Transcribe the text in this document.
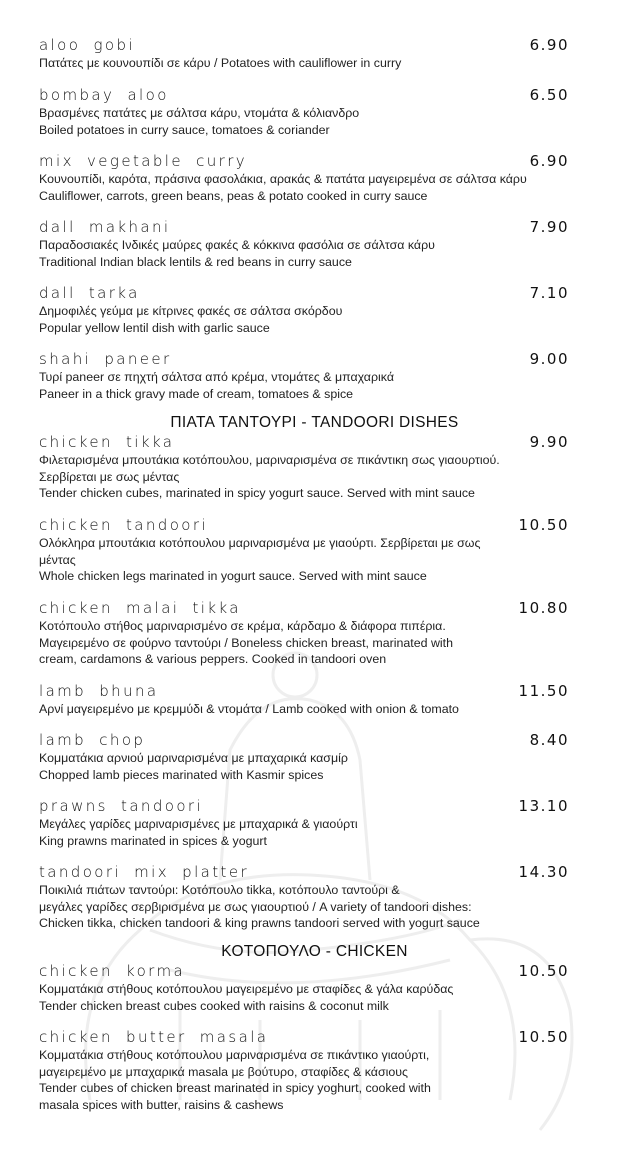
aloo gobi	6.90
Πατάτες με κουνουπίδι σε κάρυ / Potatoes with cauliflower in curry
bombay aloo	6.50
Βρασμένες πατάτες με σάλτσα κάρυ, ντομάτα & κόλιανδρο
Boiled potatoes in curry sauce, tomatoes & coriander
mix vegetable curry	6.90
Κουνουπίδι, καρότα, πράσινα φασολάκια, αρακάς & πατάτα μαγειρεμένα σε σάλτσα κάρυ
Cauliflower, carrots, green beans, peas & potato cooked in curry sauce
dall makhani	7.90
Παραδοσιακές Ινδικές μαύρες φακές & κόκκινα φασόλια σε σάλτσα κάρυ
Traditional Indian black lentils & red beans in curry sauce
dall tarka	7.10
Δημοφιλές γεύμα με κίτρινες φακές σε σάλτσα σκόρδου
Popular yellow lentil dish with garlic sauce
shahi paneer	9.00
Τυρί paneer σε πηχτή σάλτσα από κρέμα, ντομάτες & μπαχαρικά
Paneer in a thick gravy made of cream, tomatoes & spice
ΠΙΑΤΑ ΤΑΝΤΟΥΡΙ - TANDOORI DISHES
chicken tikka	9.90
Φιλεταρισμένα μπουτάκια κοτόπουλου, μαριναρισμένα σε πικάντικη σως γιαουρτιού.
Σερβίρεται με σως μέντας
Tender chicken cubes, marinated in spicy yogurt sauce. Served with mint sauce
chicken tandoori	10.50
Ολόκληρα μπουτάκια κοτόπουλου μαριναρισμένα με γιαούρτι. Σερβίρεται με σως
μέντας
Whole chicken legs marinated in yogurt sauce. Served with mint sauce
chicken malai tikka	10.80
Κοτόπουλο στήθος μαριναρισμένο σε κρέμα, κάρδαμο & διάφορα πιπέρια.
Μαγειρεμένο σε φούρνο ταντούρι / Boneless chicken breast, marinated with
cream, cardamons & various peppers. Cooked in tandoori oven
lamb bhuna	11.50
Αρνί μαγειρεμένο με κρεμμύδι & ντομάτα / Lamb cooked with onion & tomato
lamb chop	8.40
Κομματάκια αρνιού μαριναρισμένα με μπαχαρικά κασμίρ
Chopped lamb pieces marinated with Kasmir spices
prawns tandoori	13.10
Μεγάλες γαρίδες μαριναρισμένες με μπαχαρικά & γιαούρτι
King prawns marinated in spices & yogurt
tandoori mix platter	14.30
Ποικιλιά πιάτων ταντούρι: Κοτόπουλο tikka, κοτόπουλο ταντούρι &
μεγάλες γαρίδες σερβιρισμένα με σως γιαουρτιού / A variety of tandoori dishes:
Chicken tikka, chicken tandoori & king prawns tandoori served with yogurt sauce
ΚΟΤΟΠΟΥΛΟ - CHICKEN
chicken korma	10.50
Κομματάκια στήθους κοτόπουλου μαγειρεμένο με σταφίδες & γάλα καρύδας
Tender chicken breast cubes cooked with raisins & coconut milk
chicken butter masala	10.50
Κομματάκια στήθους κοτόπουλου μαριναρισμένα σε πικάντικο γιαούρτι,
μαγειρεμένο με μπαχαρικά masala με βούτυρο, σταφίδες & κάσιους
Tender cubes of chicken breast marinated in spicy yoghurt, cooked with
masala spices with butter, raisins & cashews
